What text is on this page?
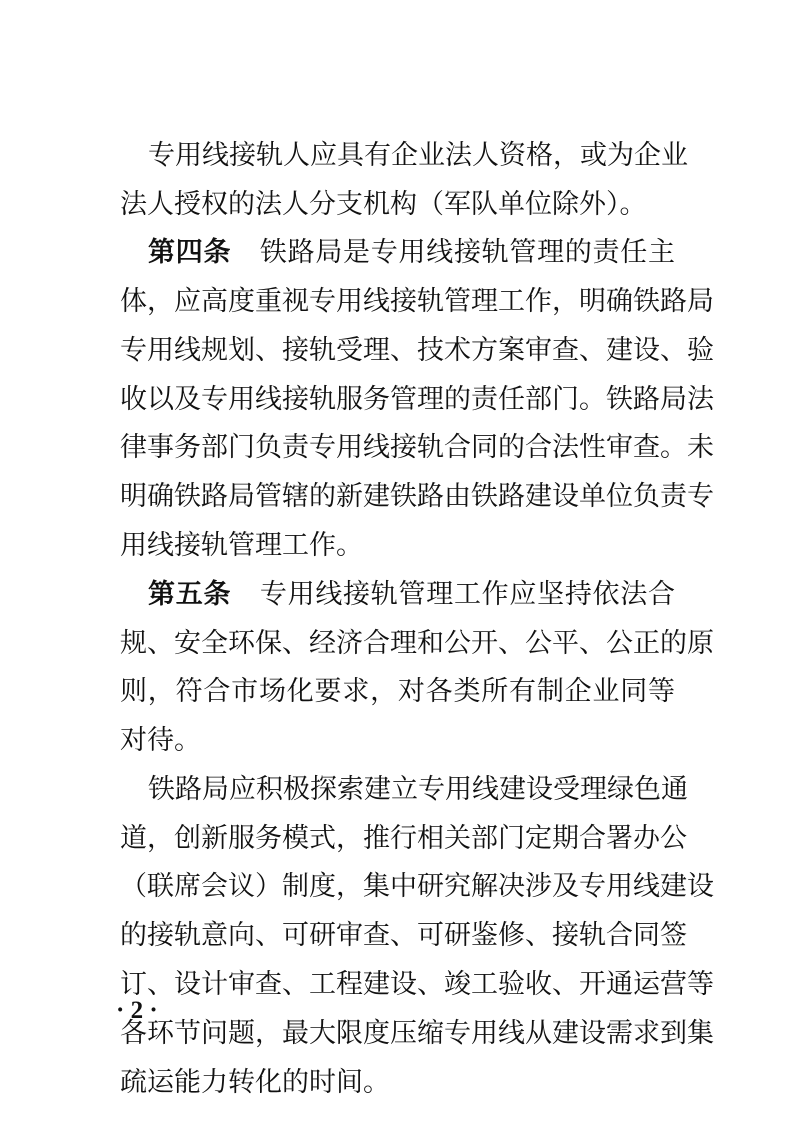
专用线接轨人应具有企业法人资格，或为企业
法人授权的法人分支机构（军队单位除外）。
第四条 铁路局是专用线接轨管理的责任主
体，应高度重视专用线接轨管理工作，明确铁路局
专用线规划、接轨受理、技术方案审查、建设、验
收以及专用线接轨服务管理的责任部门。铁路局法
律事务部门负责专用线接轨合同的合法性审查。未
明确铁路局管辖的新建铁路由铁路建设单位负责专
用线接轨管理工作。
第五条 专用线接轨管理工作应坚持依法合
规、安全环保、经济合理和公开、公平、公正的原
则，符合市场化要求，对各类所有制企业同等
对待。
铁路局应积极探索建立专用线建设受理绿色通
道，创新服务模式，推行相关部门定期合署办公
（联席会议）制度，集中研究解决涉及专用线建设
的接轨意向、可研审查、可研鉴修、接轨合同签
订、设计审查、工程建设、竣工验收、开通运营等
各环节问题，最大限度压缩专用线从建设需求到集
疏运能力转化的时间。
· 2 ·
